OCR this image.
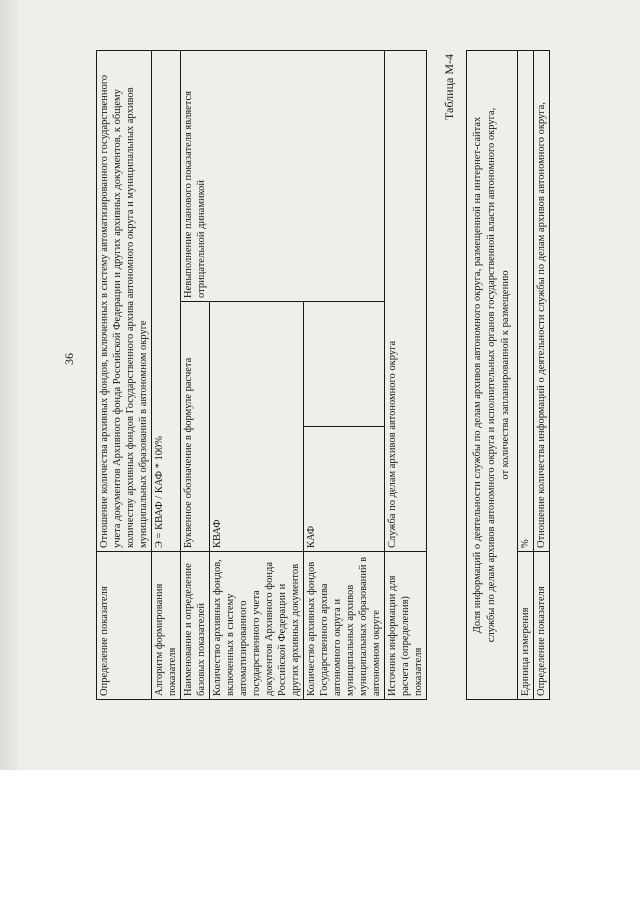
36
Определение показателя	Отношение количества архивных фондов, включенных в систему автоматизированного государственного учета документов Архивного фонда Российской Федерации и других архивных документов, к общему количеству архивных фондов Государственного архива автономного округа и муниципальных архивов муниципальных образований в автономном округе		
Алгоритм формирования показателя	Э = КВАФ / КАФ * 100%		
Наименование и определение базовых показателей	Буквенное обозначение в формуле расчета		Невыполнение планового показателя является отрицательной динамикой
Количество архивных фондов, включенных в систему автоматизированного государственного учета документов Архивного фонда Российской Федерации и других архивных документов	КВАФ		
Количество архивных фондов Государственного архива автономного округа и муниципальных архивов муниципальных образований в автономном округе	КАФ		
Источник информации для расчета (определения) показателя	Служба по делам архивов автономного округа		
Таблица М-4
Доля информаций о деятельности службы по делам архивов автономного округа, размещенной на интернет-сайтах службы по делам архивов автономного округа и исполнительных органов государственной власти автономного округа, от количества запланированной к размещению	

Единица измерения	%
Определение показателя	Отношение количества информаций о деятельности службы по делам архивов автономного округа,
